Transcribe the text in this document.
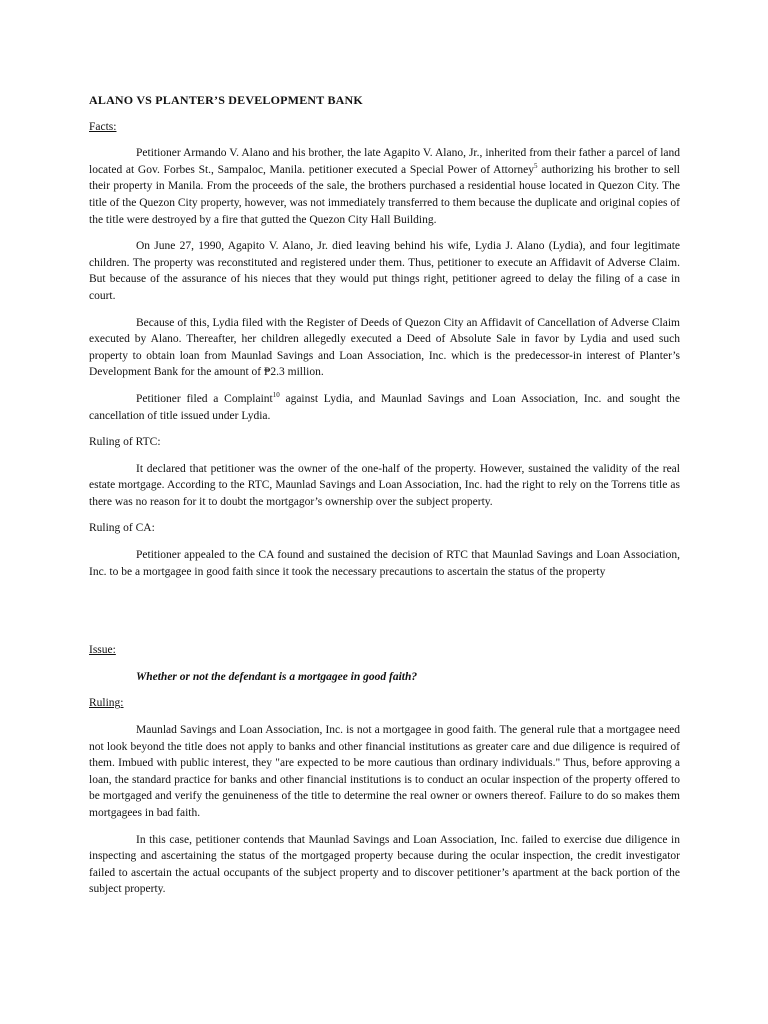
ALANO VS PLANTER’S DEVELOPMENT BANK
Facts:

Petitioner Armando V. Alano and his brother, the late Agapito V. Alano, Jr., inherited from their father a parcel of land located at Gov. Forbes St., Sampaloc, Manila. petitioner executed a Special Power of Attorney$^5$ authorizing his brother to sell their property in Manila. From the proceeds of the sale, the brothers purchased a residential house located in Quezon City. The title of the Quezon City property, however, was not immediately transferred to them because the duplicate and original copies of the title were destroyed by a fire that gutted the Quezon City Hall Building.

On June 27, 1990, Agapito V. Alano, Jr. died leaving behind his wife, Lydia J. Alano (Lydia), and four legitimate children. The property was reconstituted and registered under them. Thus, petitioner to execute an Affidavit of Adverse Claim. But because of the assurance of his nieces that they would put things right, petitioner agreed to delay the filing of a case in court.

Because of this, Lydia filed with the Register of Deeds of Quezon City an Affidavit of Cancellation of Adverse Claim executed by Alano. Thereafter, her children allegedly executed a Deed of Absolute Sale in favor by Lydia and used such property to obtain loan from Maunlad Savings and Loan Association, Inc. which is the predecessor-in interest of Planter’s Development Bank for the amount of ₱2.3 million.

Petitioner filed a Complaint$^{10}$ against Lydia, and Maunlad Savings and Loan Association, Inc. and sought the cancellation of title issued under Lydia.

Ruling of RTC:

It declared that petitioner was the owner of the one-half of the property. However, sustained the validity of the real estate mortgage. According to the RTC, Maunlad Savings and Loan Association, Inc. had the right to rely on the Torrens title as there was no reason for it to doubt the mortgagor’s ownership over the subject property.

Ruling of CA:

Petitioner appealed to the CA found and sustained the decision of RTC that Maunlad Savings and Loan Association, Inc. to be a mortgagee in good faith since it took the necessary precautions to ascertain the status of the property

Issue:
Whether or not the defendant is a mortgagee in good faith?
Ruling:

Maunlad Savings and Loan Association, Inc. is not a mortgagee in good faith. The general rule that a mortgagee need not look beyond the title does not apply to banks and other financial institutions as greater care and due diligence is required of them. Imbued with public interest, they "are expected to be more cautious than ordinary individuals." Thus, before approving a loan, the standard practice for banks and other financial institutions is to conduct an ocular inspection of the property offered to be mortgaged and verify the genuineness of the title to determine the real owner or owners thereof. Failure to do so makes them mortgagees in bad faith.

In this case, petitioner contends that Maunlad Savings and Loan Association, Inc. failed to exercise due diligence in inspecting and ascertaining the status of the mortgaged property because during the ocular inspection, the credit investigator failed to ascertain the actual occupants of the subject property and to discover petitioner’s apartment at the back portion of the subject property.
